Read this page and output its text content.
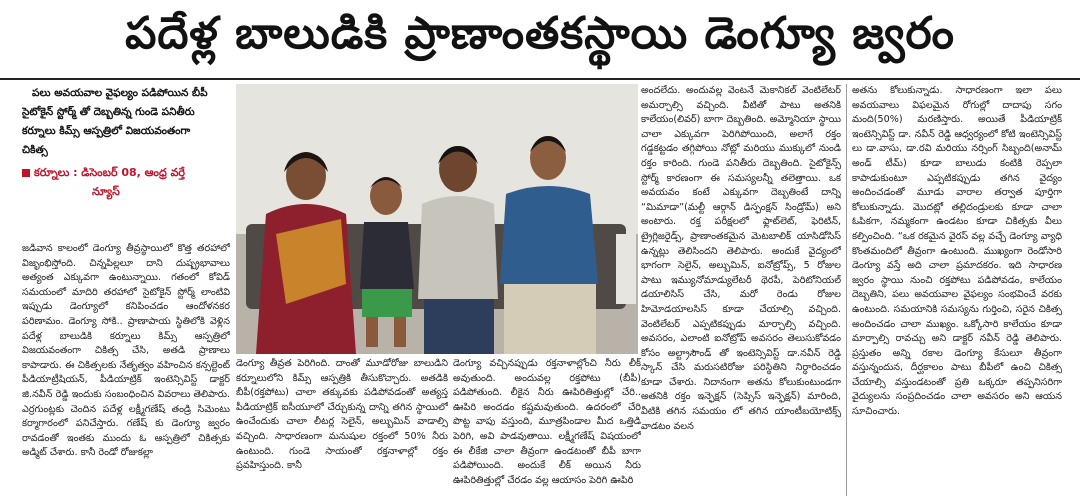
పదేళ్ల బాలుడికి ప్రాణాంతకస్థాయి డెంగ్యూ జ్వరం
పలు అవయవాల వైఫల్యం పడిపోయిన బీపీ
సైటోకైన్ స్టోర్మ్ తో దెబ్బతిన్న గుండె పనితీరు
కర్నూలు కిమ్స్ ఆస్పత్రిలో విజయవంతంగా
చికిత్స
కర్నూలు : డిసెంబర్ 08, ఆంధ్ర వర్తే
న్యూస్

జడివాన కాలంలో డెంగ్యూ తీవ్రస్థాయిలో కొత్త తరహాలో విజృంభిస్తోంది. చిన్నపిల్లలూ దాని దుష్ప్రభావాలు అత్యంత ఎక్కువగా ఉంటున్నాయి. గతంలో కోవిడ్ సమయంలో మాదిరి తరహాలో సైటోకైన్ స్టోర్మ్ లాంటివి ఇప్పుడు డెంగ్యూలో కనిపించడం ఆందోళనకర పరిణామం. డెంగ్యూ సోకి.. ప్రాణాపాయ స్థితిలోకి వెళ్లిన పదేళ్ల బాలుడికి కర్నూలు కిమ్స్ ఆస్పత్రిలో విజయవంతంగా చికిత్స చేసి, అతడి ప్రాణాలు కాపాడారు. ఈ చికిత్సలకు నేతృత్వం వహించిన కన్సల్టెంట్ పీడియాట్రీషియన్, పీడియాట్రిక్ ఇంటెన్సివిస్ట్ డాక్టర్ జి.నవీన్ రెడ్డి ఇందుకు సంబంధించిన వివరాలు తెలిపారు. ఎర్రగుంట్లకు చెందిన పదేళ్ల లక్ష్మీగణేష్ తండ్రి సిమెంటు కర్మాగారంలో పనిచేస్తారు. గణేష్ కు డెంగ్యూ జ్వరం రావడంతో ఇంతకు ముందు ఓ ఆస్పత్రిలో చికిత్సకు అడ్మిట్ చేశారు. కానీ రెండో రోజుకల్లా

డెంగ్యూ తీవ్రత పెరిగింది. దాంతో మూడోరోజు బాలుడిని కర్నూలులోని కిమ్స్ ఆస్పత్రికి తీసుకొచ్చారు. అతడికి బీపీ(రక్తపోటు) చాలా తక్కువకు పడిపోవడంతో అత్యస్త పీడియాట్రిక్ ఐసీయూలో చేర్చుకున్న దాన్ని తగిన స్థాయిలో ఉంచేందుకు చాలా లీటర్ల సెలైన్, అల్బుమిన్ వాడాల్సి వచ్చింది. సాధారణంగా మనుషుల రక్తంలో 50% నీరు ఉంటుంది. గుండె సాయంతో రక్తనాళాల్లో రక్తం ప్రవహిస్తుంది. కానీ

డెంగ్యూ వచ్చినప్పుడు రక్తనాళాల్లోంచి నీరు లీక్ అవుతుంది. అందువల్ల రక్తపోటు (బీపీ) పడిపోతుంది. లీకైన నీరు ఊపిరితిత్తుల్లో చేరి.. ఊపిరి అందడం కష్టమవుతుంది. ఉదరంలో చేరి పొట్ట వాపు వస్తుంది, మూత్రపిండాల మీద ఒత్తిడి పెరిగి, అవి పాడవుతాయి. లక్ష్మీగణేష్ విషయంలో ఈ లీకేజి చాలా తీవ్రంగా ఉండటంతో బీపీ బాగా పడిపోయింది. అందుకే లీక్ అయిన నీరు ఊపిరితిత్తుల్లో చేరడం వల్ల ఆయాసం పెరిగి ఊపిరి

అందలేదు. అందువల్ల వెంటనే మెకానికల్ వెంటిలేటర్ అమర్చాల్సి వచ్చింది. వీటితో పాటు అతనికి కాలేయం(లివర్) బాగా దెబ్బతింది. అమ్మోనియా స్థాయి చాలా ఎక్కువగా పెరిగిపోయింది, అలాగే రక్తం గడ్డకట్టడం తగ్గిపోయి నోట్లో మరియు ముక్కులో నుండి రక్తం కారింది. గుండె పనితీరు దెబ్బతింది. సైటోకైన్స్ స్టోర్మ్ కారణంగా ఈ సమస్యలన్నీ తలెత్తాయి. ఒక అవయవం కంటే ఎక్కువగా దెబ్బతింటే దాన్ని “మిమాడా”(మల్టీ ఆర్గాన్ డిస్ఫంక్షన్ సిండ్రోమ్) అని అంటారు. రక్త పరీక్షలలో ఫ్లాట్‌లెట్, ఫెరిటిన్, ట్రైగ్లిజరైడ్స్, ప్రాణాంతకమైన మెటబాలిక్ యాసిడోసిస్ ఉన్నట్లు తెలిసిందని తెలిపారు. అందుకే వైద్యంలో భాగంగా సెలైన్, అల్బుమిన్, ఐనోట్రోప్స్, 5 రోజుల పాటు ఇమ్యునోమాడ్యులేటరీ థెరపీ, పెరిటోనియల్ డయాలిసిస్ చేసి, మరో రెండు రోజుల హిమోడయాలసిస్ కూడా చేయాల్సి వచ్చింది. వెంటిలేటర్ ఎప్పటికప్పుడు మార్చాల్సి వచ్చింది. అవసరం, ఎలాంటి ఐనోట్రోప్ అవసరం తెలుసుకోవడం కోసం అల్ట్రాసౌండ్ తో ఇంటెన్సివిస్ట్ డా.నవీన్ రెడ్డి స్కాన్ చేసి మరుసటిరోజు పరిస్థితిని నిర్ధారించడం కూడా చేశారు. నిదానంగా అతను కోలుకుంటుండగా అతనికి రక్తం ఇన్ఫెక్షన్ (సెప్సిస్ ఇన్ఫెక్షన్) మారింది, వీటికి తగిన సమయం లో తగిన యాంటీబయోటిక్స్ వాడటం వలన

అతను కోలుకున్నాడు. సాధారణంగా ఇలా పలు అవయవాలు విఫలమైన రోగుల్లో దాదాపు సగం మంది(50%) మరణిస్తారు. అయితే పీడియాట్రిక్ ఇంటెన్సివిస్ట్ డా. నవీన్ రెడ్డి ఆధ్వర్యంలో కోటి ఇంటెన్సివిస్ట్ లు డా.వాసు, డా.రవి మరియు నర్సింగ్ సిబ్బంది(అనామ్ అండ్ టీమ్) కూడా బాలుడు కంటికి రెప్పలా కాపాడుకుంటూ ఎప్పటికప్పుడు తగిన వైద్యం అందించడంతో మూడు వారాల తర్వాత పూర్తిగా కోలుకున్నాడు. మొదట్లో తల్లిదండ్రులకు కూడా చాలా ఓపికగా, నమ్మకంగా ఉండటం కూడా చికిత్సకు వీలు కల్పించింది. “ఒక రకమైన వైరస్ వల్ల వచ్చే డెంగ్యూ వ్యాధి కొంతమందిలో తీవ్రంగా ఉంటుంది. ముఖ్యంగా రెండోసారి డెంగ్యూ వస్తే అది చాలా ప్రమాదకరం. ఇది సాధారణ జ్వరం స్థాయి నుంచి రక్తపోటు పడిపోవడం, కాలేయం దెబ్బతిని, పలు అవయవాల వైఫల్యం సంభవించే వరకు ఉంటుంది. సమయానికి సమస్యను గుర్తించి, సరైన చికిత్స అందించడం చాలా ముఖ్యం. ఒక్కోసారి కాలేయం కూడా మార్పాల్సి రావచ్చు అని డాక్టర్ నవీన్ రెడ్డి తెలిపారు. ప్రస్తుతం అన్ని రకాల డెంగ్యూ కేసులూ తీవ్రంగా వస్తున్నందున, దీర్ఘకాలం పాటు బీపీలో ఉంచి చికిత్స చేయాల్సి వస్తుండటంతో ప్రతి ఒక్కరూ తప్పనిసరిగా వైద్యులను సంప్రదించడం చాలా అవసరం అని ఆయన సూచించారు.
